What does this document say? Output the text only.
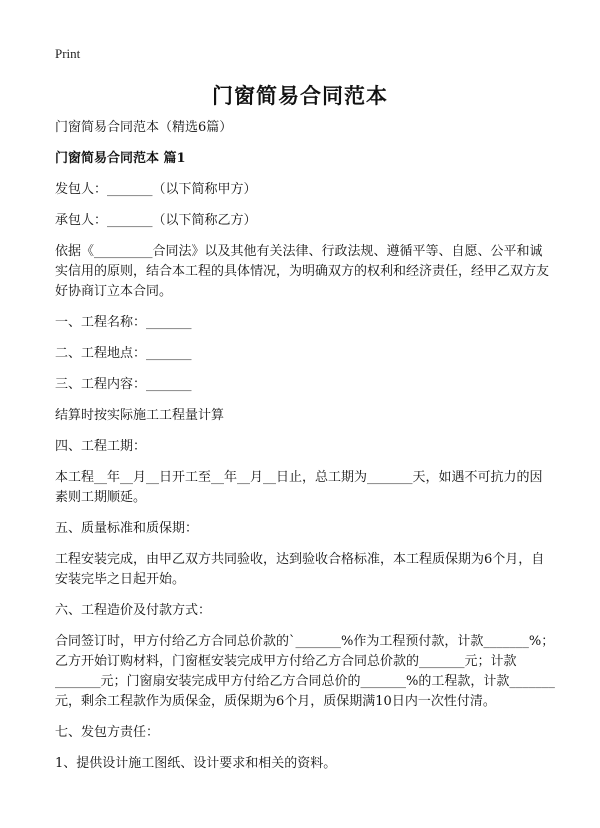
Print
门窗简易合同范本

门窗简易合同范本（精选6篇）

门窗简易合同范本 篇1

发包人：_______（以下简称甲方）

承包人：_______（以下简称乙方）

依据《_________合同法》以及其他有关法律、行政法规、遵循平等、自愿、公平和诚实信用的原则，结合本工程的具体情况，为明确双方的权利和经济责任，经甲乙双方友好协商订立本合同。

一、工程名称：_______

二、工程地点：_______

三、工程内容：_______

结算时按实际施工工程量计算

四、工程工期：

本工程__年__月__日开工至__年__月__日止，总工期为_______天，如遇不可抗力的因素则工期顺延。

五、质量标准和质保期：

工程安装完成，由甲乙双方共同验收，达到验收合格标准，本工程质保期为6个月，自安装完毕之日起开始。

六、工程造价及付款方式：

合同签订时，甲方付给乙方合同总价款的`_______%作为工程预付款，计款_______%；乙方开始订购材料，门窗框安装完成甲方付给乙方合同总价款的_______元；计款_______元；门窗扇安装完成甲方付给乙方合同总价的_______%的工程款，计款_______元，剩余工程款作为质保金，质保期为6个月，质保期满10日内一次性付清。

七、发包方责任：

1、提供设计施工图纸、设计要求和相关的资料。
